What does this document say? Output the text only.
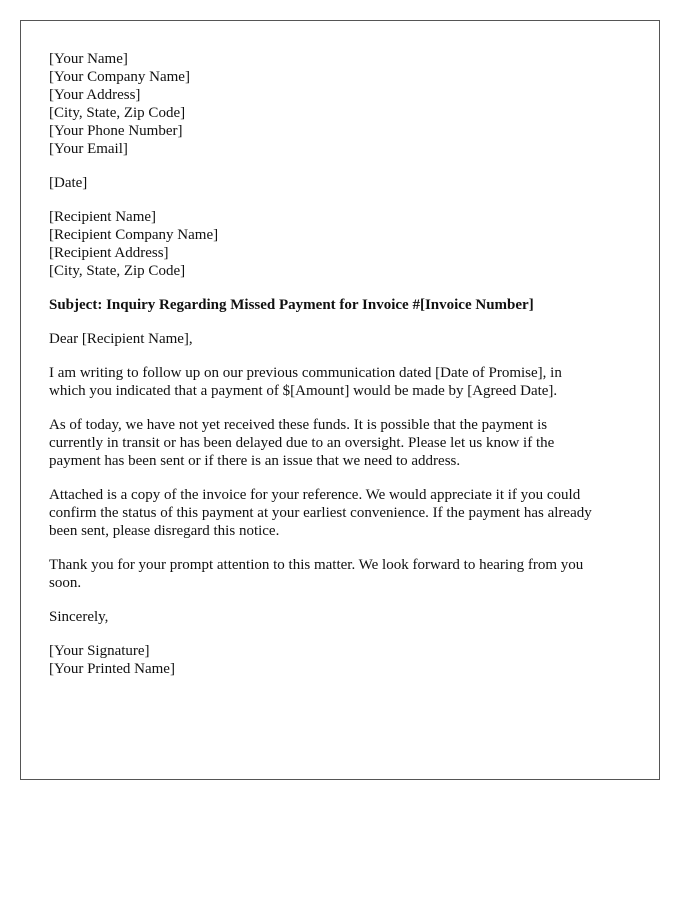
[Your Name]
[Your Company Name]
[Your Address]
[City, State, Zip Code]
[Your Phone Number]
[Your Email]
[Date]
[Recipient Name]
[Recipient Company Name]
[Recipient Address]
[City, State, Zip Code]
Subject: Inquiry Regarding Missed Payment for Invoice #[Invoice Number]
Dear [Recipient Name],

I am writing to follow up on our previous communication dated [Date of Promise], in
which you indicated that a payment of $[Amount] would be made by [Agreed Date].

As of today, we have not yet received these funds. It is possible that the payment is
currently in transit or has been delayed due to an oversight. Please let us know if the
payment has been sent or if there is an issue that we need to address.

Attached is a copy of the invoice for your reference. We would appreciate it if you could
confirm the status of this payment at your earliest convenience. If the payment has already
been sent, please disregard this notice.

Thank you for your prompt attention to this matter. We look forward to hearing from you
soon.

Sincerely,
[Your Signature]
[Your Printed Name]
